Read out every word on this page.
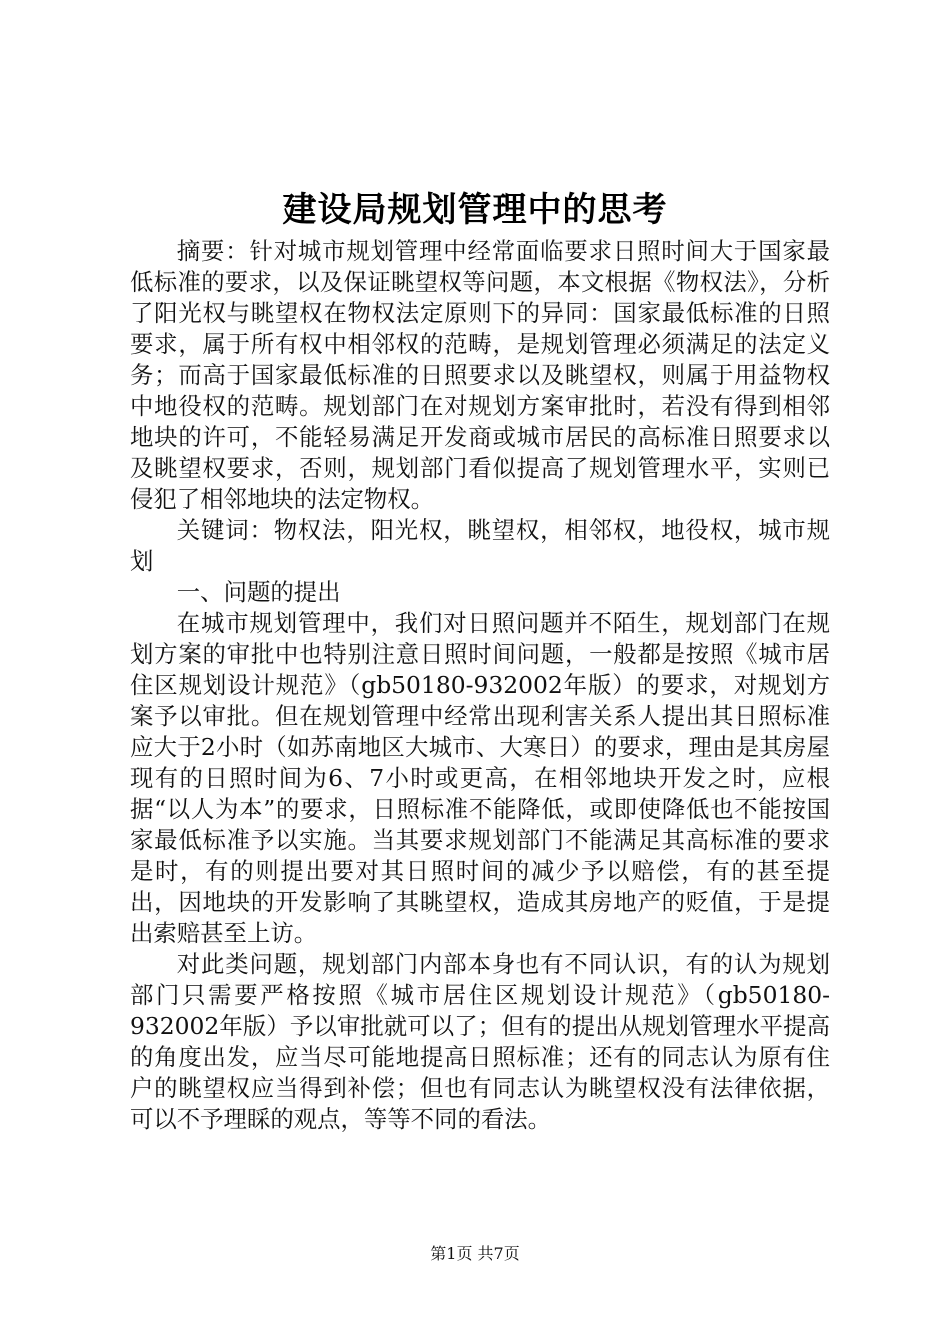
建设局规划管理中的思考

摘要：针对城市规划管理中经常面临要求日照时间大于国家最低标准的要求，以及保证眺望权等问题，本文根据《物权法》，分析了阳光权与眺望权在物权法定原则下的异同：国家最低标准的日照要求，属于所有权中相邻权的范畴，是规划管理必须满足的法定义务；而高于国家最低标准的日照要求以及眺望权，则属于用益物权中地役权的范畴。规划部门在对规划方案审批时，若没有得到相邻地块的许可，不能轻易满足开发商或城市居民的高标准日照要求以及眺望权要求，否则，规划部门看似提高了规划管理水平，实则已侵犯了相邻地块的法定物权。

关键词：物权法，阳光权，眺望权，相邻权，地役权，城市规划

一、问题的提出

在城市规划管理中，我们对日照问题并不陌生，规划部门在规划方案的审批中也特别注意日照时间问题，一般都是按照《城市居住区规划设计规范》（gb50180-932002年版）的要求，对规划方案予以审批。但在规划管理中经常出现利害关系人提出其日照标准应大于2小时（如苏南地区大城市、大寒日）的要求，理由是其房屋现有的日照时间为6、7小时或更高，在相邻地块开发之时，应根据“以人为本”的要求，日照标准不能降低，或即使降低也不能按国家最低标准予以实施。当其要求规划部门不能满足其高标准的要求是时，有的则提出要对其日照时间的减少予以赔偿，有的甚至提出，因地块的开发影响了其眺望权，造成其房地产的贬值，于是提出索赔甚至上访。

对此类问题，规划部门内部本身也有不同认识，有的认为规划部门只需要严格按照《城市居住区规划设计规范》（gb50180-932002年版）予以审批就可以了；但有的提出从规划管理水平提高的角度出发，应当尽可能地提高日照标准；还有的同志认为原有住户的眺望权应当得到补偿；但也有同志认为眺望权没有法律依据，可以不予理睬的观点，等等不同的看法。

第1页 共7页
